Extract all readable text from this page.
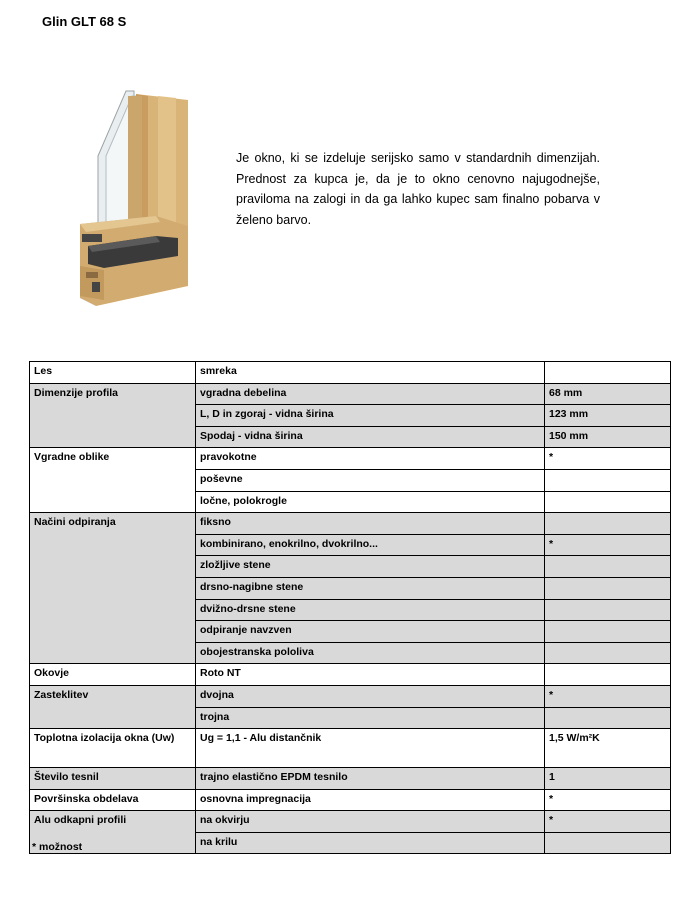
Glin GLT 68 S

Je okno, ki se izdeluje serijsko samo v standardnih dimenzijah. Prednost za kupca je, da je to okno cenovno najugodnejše, praviloma na zalogi in da ga lahko kupec sam finalno pobarva v želeno barvo.

Les	smreka	
Dimenzije profila	vgradna debelina	68 mm
	L, D in zgoraj - vidna širina	123 mm
	Spodaj - vidna širina	150 mm
Vgradne oblike	pravokotne	*
	poševne	
	ločne, polokrogle	
Načini odpiranja	fiksno	
	kombinirano, enokrilno, dvokrilno...	*
	zložljive stene	
	drsno-nagibne stene	
	dvižno-drsne stene	
	odpiranje navzven	
	obojestranska pololiva	
Okovje	Roto NT	
Zasteklitev	dvojna	*
	trojna	
Toplotna izolacija okna (Uw)	Ug = 1,1 - Alu distančnik	1,5 W/m²K
Število tesnil	trajno elastično EPDM tesnilo	1
Površinska obdelava	osnovna impregnacija	*
Alu odkapni profili	na okvirju	*
	na krilu	
* možnost
